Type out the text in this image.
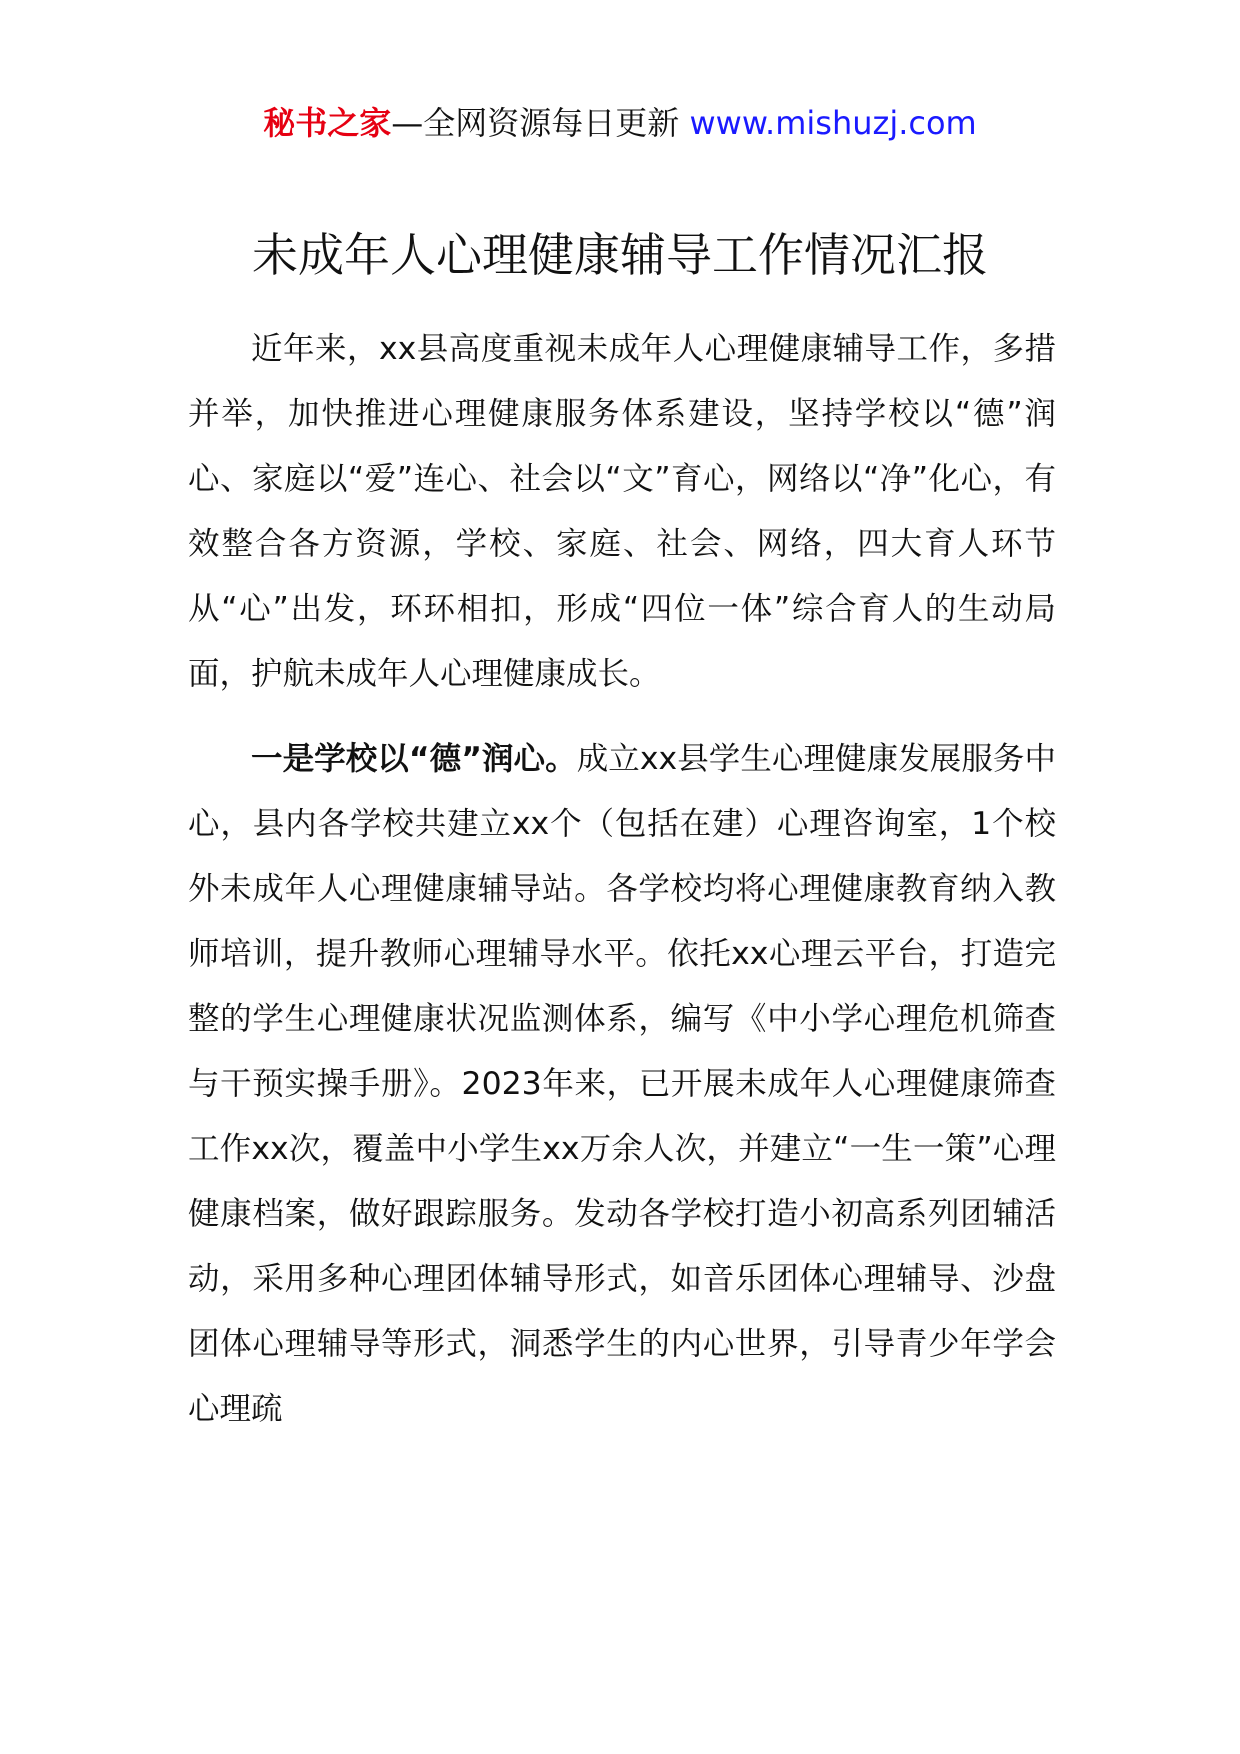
秘书之家—全网资源每日更新 www.mishuzj.com
未成年人心理健康辅导工作情况汇报

近年来，xx县高度重视未成年人心理健康辅导工作，多措并举，加快推进心理健康服务体系建设，坚持学校以“德”润心、家庭以“爱”连心、社会以“文”育心，网络以“净”化心，有效整合各方资源，学校、家庭、社会、网络，四大育人环节从“心”出发，环环相扣，形成“四位一体”综合育人的生动局面，护航未成年人心理健康成长。

一是学校以“德”润心。成立xx县学生心理健康发展服务中心，县内各学校共建立xx个（包括在建）心理咨询室，1个校外未成年人心理健康辅导站。各学校均将心理健康教育纳入教师培训，提升教师心理辅导水平。依托xx心理云平台，打造完整的学生心理健康状况监测体系，编写《中小学心理危机筛查与干预实操手册》。2023年来，已开展未成年人心理健康筛查工作xx次，覆盖中小学生xx万余人次，并建立“一生一策”心理健康档案，做好跟踪服务。发动各学校打造小初高系列团辅活动，采用多种心理团体辅导形式，如音乐团体心理辅导、沙盘团体心理辅导等形式，洞悉学生的内心世界，引导青少年学会心理疏
